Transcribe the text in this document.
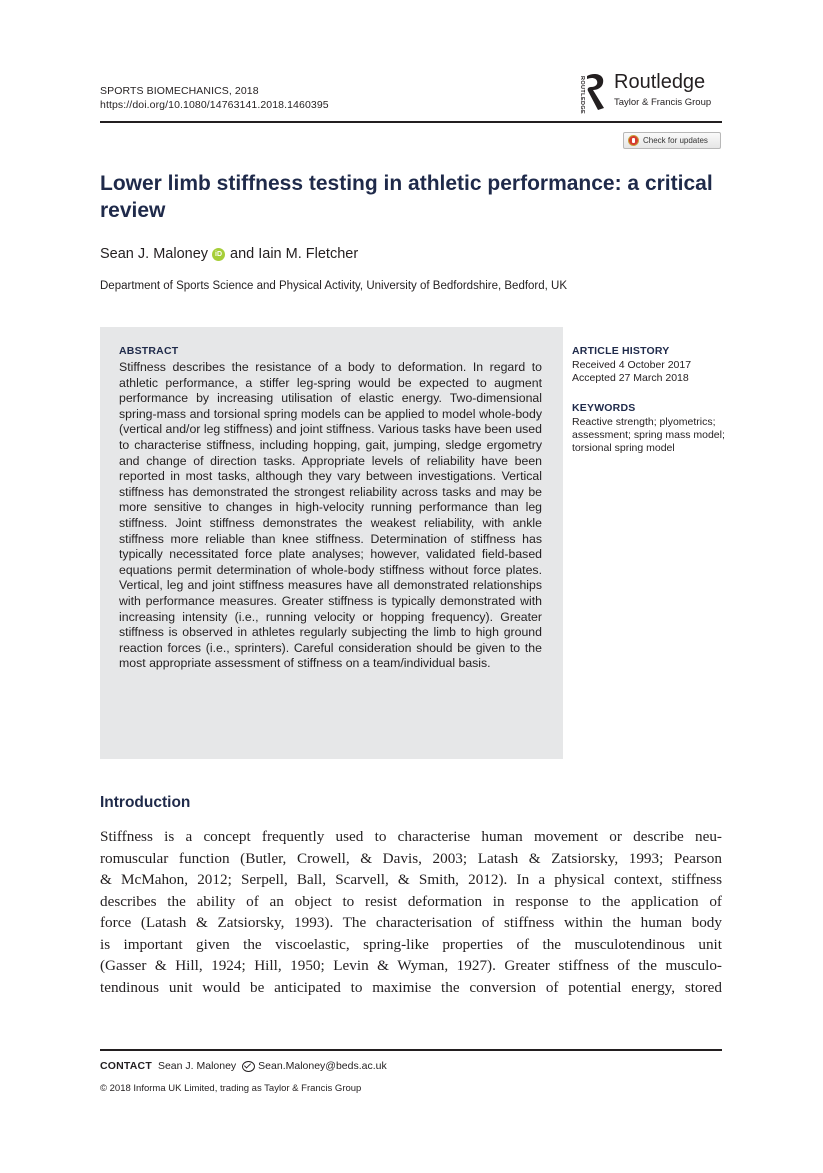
SPORTS BIOMECHANICS, 2018
https://doi.org/10.1080/14763141.2018.1460395	ROUTLEDGE Routledge
Taylor & Francis Group
Check for updates
Lower limb stiffness testing in athletic performance: a critical review
Sean J. Maloney	iD and Iain M. Fletcher
Department of Sports Science and Physical Activity, University of Bedfordshire, Bedford, UK
ABSTRACT
Stiffness describes the resistance of a body to deformation. In regard to athletic performance, a stiffer leg-spring would be expected to augment performance by increasing utilisation of elastic energy. Two-dimensional spring-mass and torsional spring models can be applied to model whole-body (vertical and/or leg stiffness) and joint stiffness. Various tasks have been used to characterise stiffness, including hopping, gait, jumping, sledge ergometry and change of direction tasks. Appropriate levels of reliability have been reported in most tasks, although they vary between investigations. Vertical stiffness has demonstrated the strongest reliability across tasks and may be more sensitive to changes in high-velocity running performance than leg stiffness. Joint stiffness demonstrates the weakest reliability, with ankle stiffness more reliable than knee stiffness. Determination of stiffness has typically necessitated force plate analyses; however, validated field-based equations permit determination of whole-body stiffness without force plates. Vertical, leg and joint stiffness measures have all demonstrated relationships with performance measures. Greater stiffness is typically demonstrated with increasing intensity (i.e., running velocity or hopping frequency). Greater stiffness is observed in athletes regularly subjecting the limb to high ground reaction forces (i.e., sprinters). Careful consideration should be given to the most appropriate assessment of stiffness on a team/individual basis.
ARTICLE HISTORY
Received 4 October 2017
Accepted 27 March 2018
KEYWORDS
Reactive strength; plyometrics; assessment; spring mass model; torsional spring model
Introduction
Stiffness is a concept frequently used to characterise human movement or describe neu-
romuscular function (Butler, Crowell, & Davis, 2003; Latash & Zatsiorsky, 1993; Pearson
& McMahon, 2012; Serpell, Ball, Scarvell, & Smith, 2012). In a physical context, stiffness
describes the ability of an object to resist deformation in response to the application of
force (Latash & Zatsiorsky, 1993). The characterisation of stiffness within the human body
is important given the viscoelastic, spring-like properties of the musculotendinous unit
(Gasser & Hill, 1924; Hill, 1950; Levin & Wyman, 1927). Greater stiffness of the musculo-
tendinous unit would be anticipated to maximise the conversion of potential energy, stored
CONTACT Sean J. Maloney Sean.Maloney@beds.ac.uk
© 2018 Informa UK Limited, trading as Taylor & Francis Group
